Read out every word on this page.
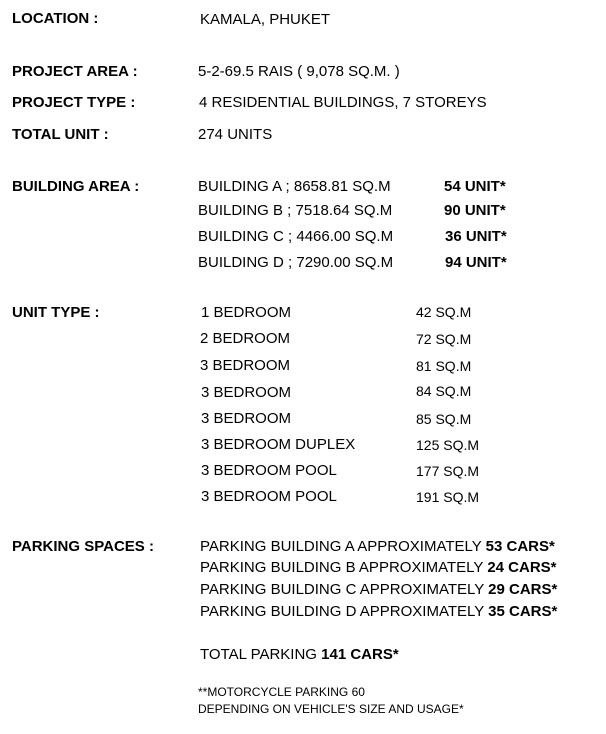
LOCATION :	KAMALA, PHUKET
PROJECT AREA :	5-2-69.5 RAIS ( 9,078 SQ.M. )
PROJECT TYPE :	4 RESIDENTIAL BUILDINGS, 7 STOREYS
TOTAL UNIT :	274 UNITS
BUILDING AREA :	BUILDING A ; 8658.81 SQ.M	54 UNIT*
BUILDING B ; 7518.64 SQ.M	90 UNIT*
BUILDING C ; 4466.00 SQ.M	36 UNIT*
BUILDING D ; 7290.00 SQ.M	94 UNIT*
UNIT TYPE :	1 BEDROOM	42 SQ.M
2 BEDROOM	72 SQ.M
3 BEDROOM	81 SQ.M
3 BEDROOM	84 SQ.M
3 BEDROOM	85 SQ.M
3 BEDROOM DUPLEX	125 SQ.M
3 BEDROOM POOL	177 SQ.M
3 BEDROOM POOL	191 SQ.M
PARKING SPACES :	PARKING BUILDING A APPROXIMATELY 53 CARS*
PARKING BUILDING B APPROXIMATELY 24 CARS*
PARKING BUILDING C APPROXIMATELY 29 CARS*
PARKING BUILDING D APPROXIMATELY 35 CARS*
TOTAL PARKING 141 CARS*
**MOTORCYCLE PARKING 60
DEPENDING ON VEHICLE'S SIZE AND USAGE*
